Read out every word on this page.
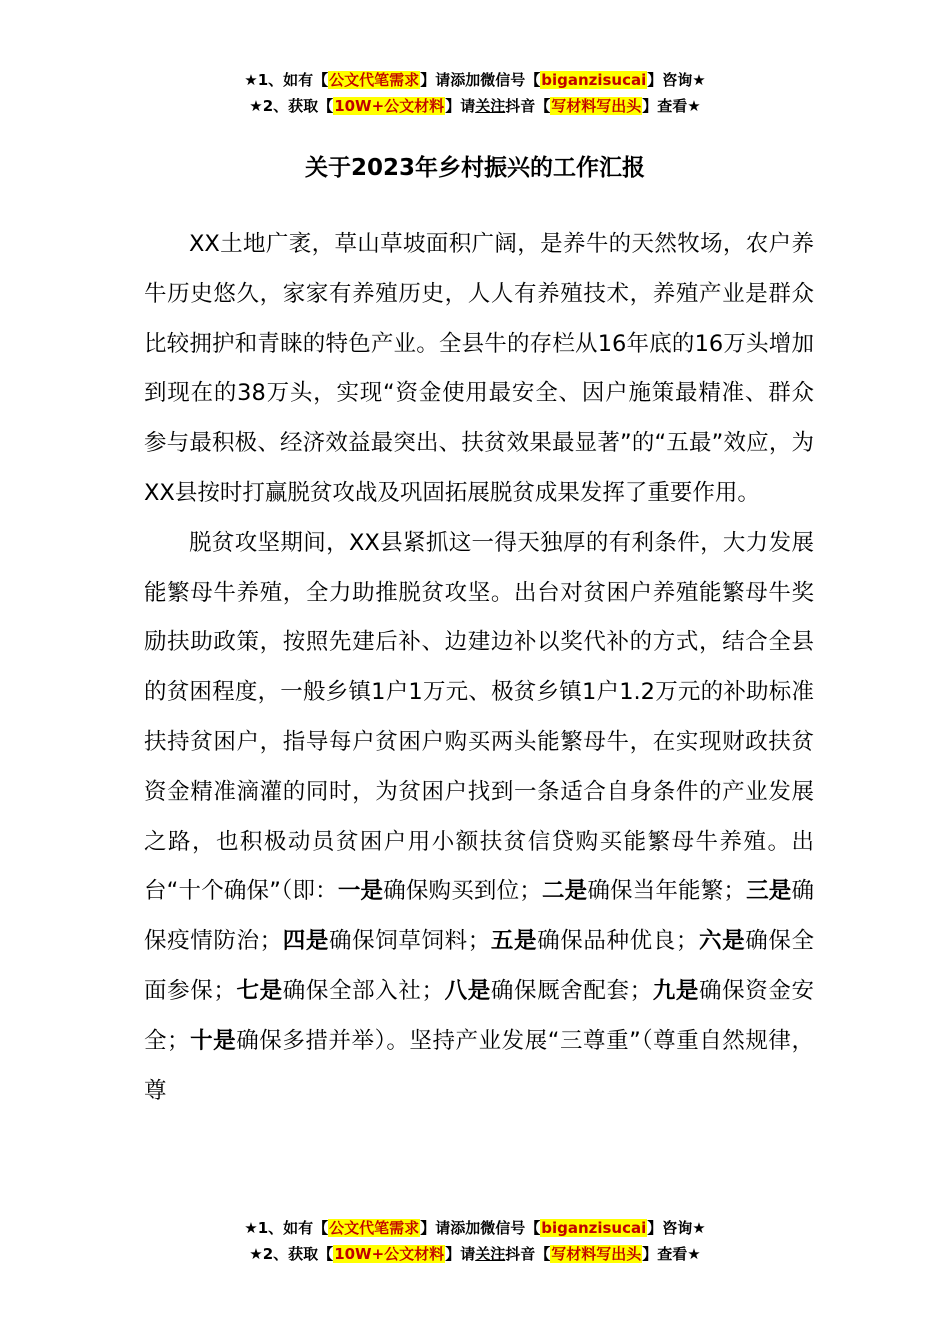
★1、如有【公文代笔需求】请添加微信号【biganzisucai】咨询★
★2、获取【10W+公文材料】请关注抖音【写材料写出头】查看★
关于2023年乡村振兴的工作汇报

XX土地广袤，草山草坡面积广阔，是养牛的天然牧场，农户养牛历史悠久，家家有养殖历史，人人有养殖技术，养殖产业是群众比较拥护和青睐的特色产业。全县牛的存栏从16年底的16万头增加到现在的38万头，实现“资金使用最安全、因户施策最精准、群众参与最积极、经济效益最突出、扶贫效果最显著”的“五最”效应，为XX县按时打赢脱贫攻战及巩固拓展脱贫成果发挥了重要作用。

脱贫攻坚期间，XX县紧抓这一得天独厚的有利条件，大力发展能繁母牛养殖，全力助推脱贫攻坚。出台对贫困户养殖能繁母牛奖励扶助政策，按照先建后补、边建边补以奖代补的方式，结合全县的贫困程度，一般乡镇1户1万元、极贫乡镇1户1.2万元的补助标准扶持贫困户，指导每户贫困户购买两头能繁母牛，在实现财政扶贫资金精准滴灌的同时，为贫困户找到一条适合自身条件的产业发展之路，也积极动员贫困户用小额扶贫信贷购买能繁母牛养殖。出台“十个确保”（即：一是确保购买到位；二是确保当年能繁；三是确保疫情防治；四是确保饲草饲料；五是确保品种优良；六是确保全面参保；七是确保全部入社；八是确保厩舍配套；九是确保资金安全；十是确保多措并举）。坚持产业发展“三尊重”（尊重自然规律，尊

★1、如有【公文代笔需求】请添加微信号【biganzisucai】咨询★
★2、获取【10W+公文材料】请关注抖音【写材料写出头】查看★
